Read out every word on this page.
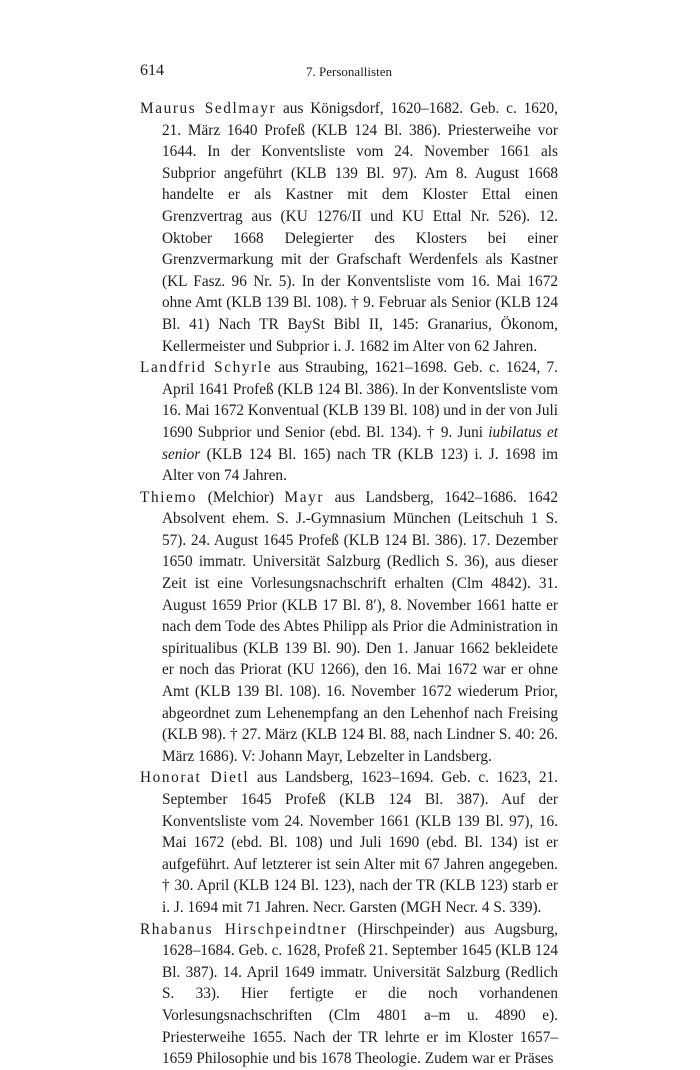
614	7. Personallisten

Maurus Sedlmayr aus Königsdorf, 1620–1682. Geb. c. 1620, 21. März 1640 Profeß (KLB 124 Bl. 386). Priesterweihe vor 1644. In der Konventsliste vom 24. November 1661 als Subprior angeführt (KLB 139 Bl. 97). Am 8. August 1668 handelte er als Kastner mit dem Kloster Ettal einen Grenzvertrag aus (KU 1276/II und KU Ettal Nr. 526). 12. Oktober 1668 Delegierter des Klosters bei einer Grenzvermarkung mit der Grafschaft Werdenfels als Kastner (KL Fasz. 96 Nr. 5). In der Konventsliste vom 16. Mai 1672 ohne Amt (KLB 139 Bl. 108). † 9. Februar als Senior (KLB 124 Bl. 41) Nach TR BaySt Bibl II, 145: Granarius, Ökonom, Kellermeister und Subprior i. J. 1682 im Alter von 62 Jahren.

Landfrid Schyrle aus Straubing, 1621–1698. Geb. c. 1624, 7. April 1641 Profeß (KLB 124 Bl. 386). In der Konventsliste vom 16. Mai 1672 Konventual (KLB 139 Bl. 108) und in der von Juli 1690 Subprior und Senior (ebd. Bl. 134). † 9. Juni iubilatus et senior (KLB 124 Bl. 165) nach TR (KLB 123) i. J. 1698 im Alter von 74 Jahren.

Thiemo (Melchior) Mayr aus Landsberg, 1642–1686. 1642 Absolvent ehem. S. J.-Gymnasium München (Leitschuh 1 S. 57). 24. August 1645 Profeß (KLB 124 Bl. 386). 17. Dezember 1650 immatr. Universität Salzburg (Redlich S. 36), aus dieser Zeit ist eine Vorlesungsnachschrift erhalten (Clm 4842). 31. August 1659 Prior (KLB 17 Bl. 8′), 8. November 1661 hatte er nach dem Tode des Abtes Philipp als Prior die Administration in spiritualibus (KLB 139 Bl. 90). Den 1. Januar 1662 bekleidete er noch das Priorat (KU 1266), den 16. Mai 1672 war er ohne Amt (KLB 139 Bl. 108). 16. November 1672 wiederum Prior, abgeordnet zum Lehenempfang an den Lehenhof nach Freising (KLB 98). † 27. März (KLB 124 Bl. 88, nach Lindner S. 40: 26. März 1686). V: Johann Mayr, Lebzelter in Landsberg.

Honorat Dietl aus Landsberg, 1623–1694. Geb. c. 1623, 21. September 1645 Profeß (KLB 124 Bl. 387). Auf der Konventsliste vom 24. November 1661 (KLB 139 Bl. 97), 16. Mai 1672 (ebd. Bl. 108) und Juli 1690 (ebd. Bl. 134) ist er aufgeführt. Auf letzterer ist sein Alter mit 67 Jahren angegeben. † 30. April (KLB 124 Bl. 123), nach der TR (KLB 123) starb er i. J. 1694 mit 71 Jahren. Necr. Garsten (MGH Necr. 4 S. 339).

Rhabanus Hirschpeindtner (Hirschpeinder) aus Augsburg, 1628–1684. Geb. c. 1628, Profeß 21. September 1645 (KLB 124 Bl. 387). 14. April 1649 immatr. Universität Salzburg (Redlich S. 33). Hier fertigte er die noch vorhandenen Vorlesungsnachschriften (Clm 4801 a–m u. 4890 e). Priesterweihe 1655. Nach der TR lehrte er im Kloster 1657–1659 Philosophie und bis 1678 Theologie. Zudem war er Präses
